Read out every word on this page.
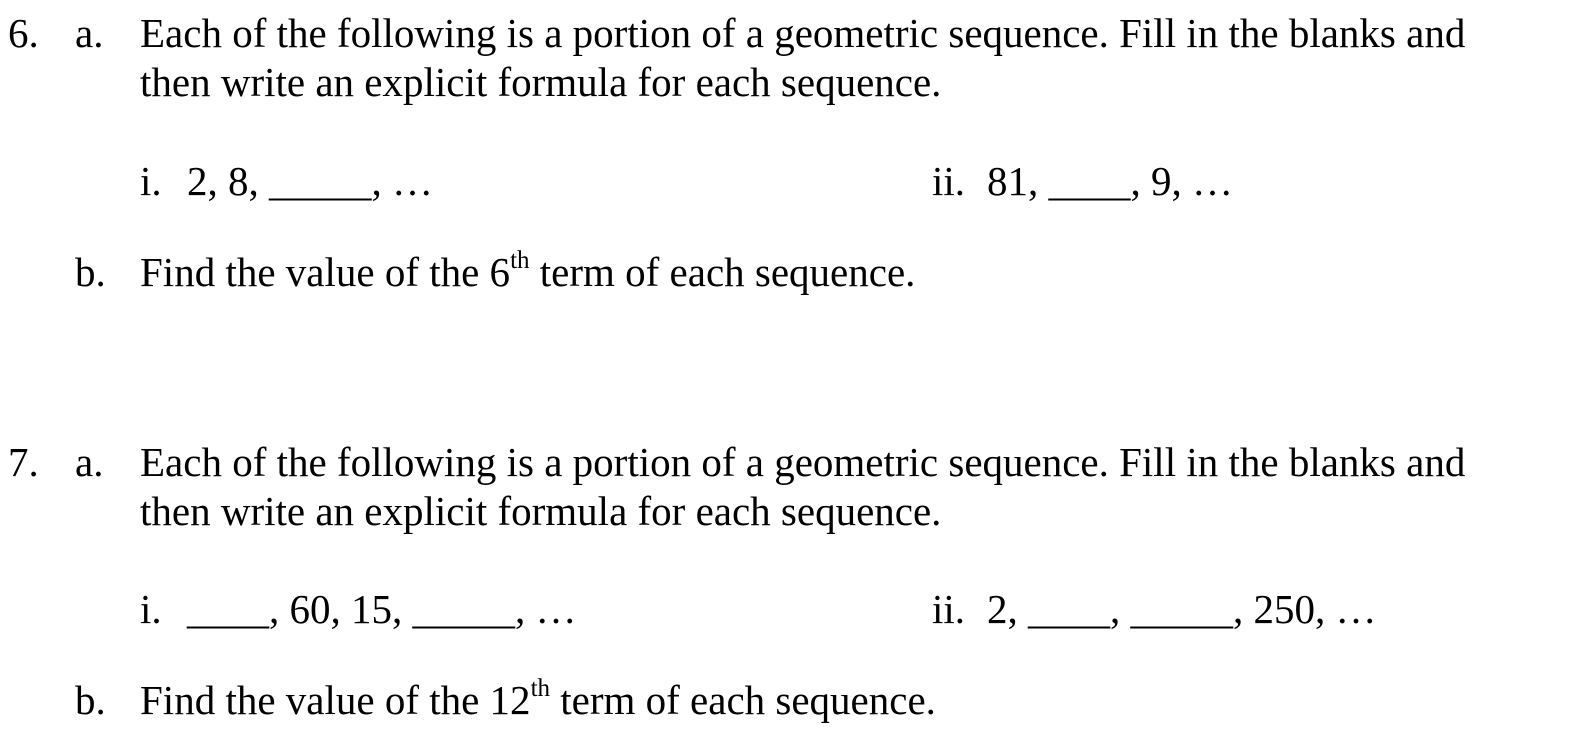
6. a. Each of the following is a portion of a geometric sequence. Fill in the blanks and
then write an explicit formula for each sequence.
i. 2, 8, _____, …	ii. 81, ____, 9, …
b. Find the value of the 6th term of each sequence.
7. a. Each of the following is a portion of a geometric sequence. Fill in the blanks and
then write an explicit formula for each sequence.
i. ____, 60, 15, _____, …	ii. 2, ____, _____, 250, …
b. Find the value of the 12th term of each sequence.
